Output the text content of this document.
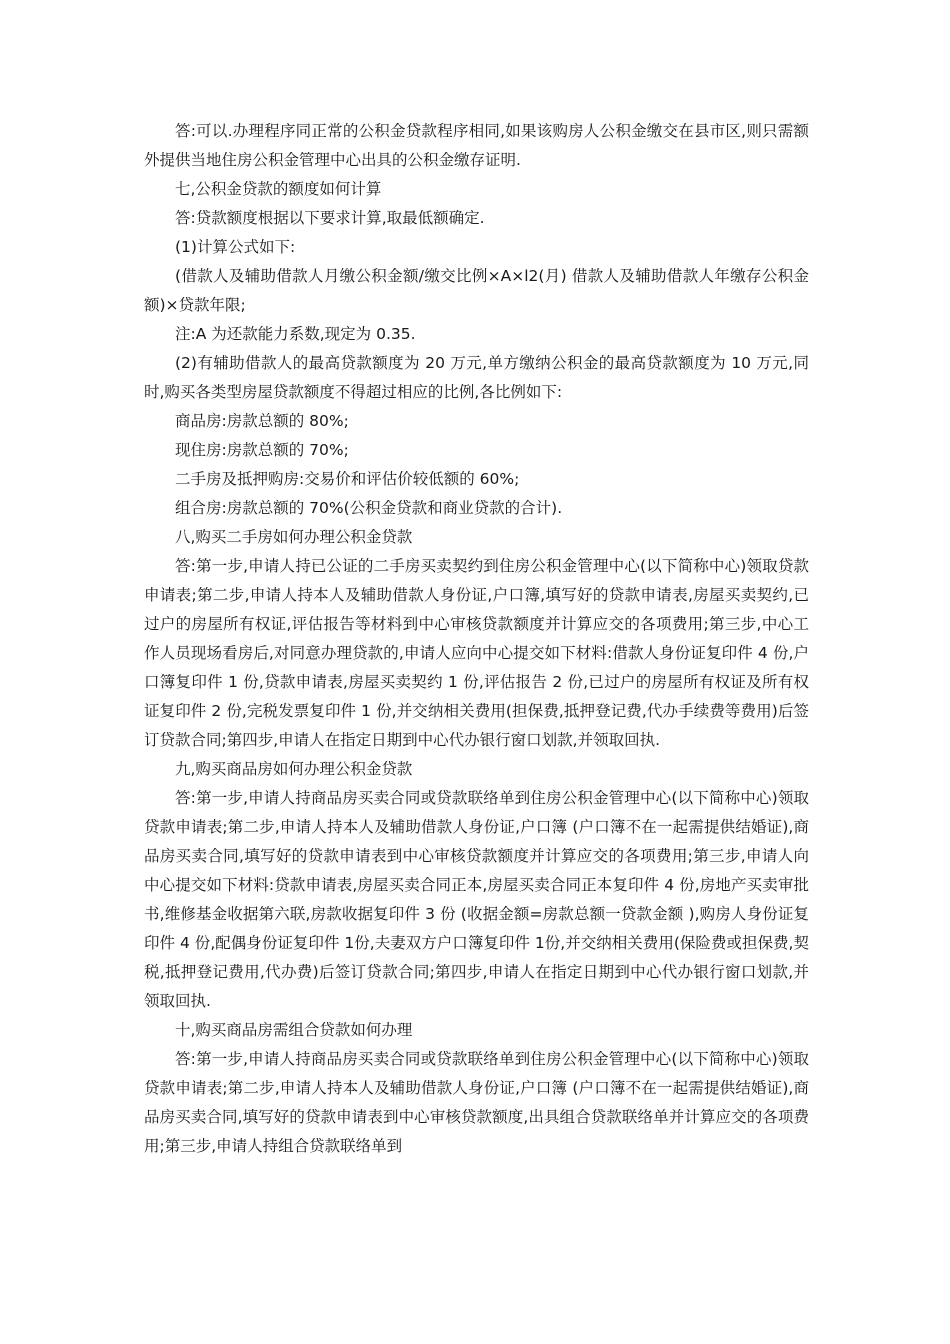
答:可以.办理程序同正常的公积金贷款程序相同,如果该购房人公积金缴交在县市区,则只需额外提供当地住房公积金管理中心出具的公积金缴存证明.

七,公积金贷款的额度如何计算

答:贷款额度根据以下要求计算,取最低额确定.

(1)计算公式如下:

(借款人及辅助借款人月缴公积金额/缴交比例×A×l2(月) 借款人及辅助借款人年缴存公积金额)×贷款年限;

注:A 为还款能力系数,现定为 0.35.

(2)有辅助借款人的最高贷款额度为 20 万元,单方缴纳公积金的最高贷款额度为 10 万元,同时,购买各类型房屋贷款额度不得超过相应的比例,各比例如下:

商品房:房款总额的 80%;

现住房:房款总额的 70%;

二手房及抵押购房:交易价和评估价较低额的 60%;

组合房:房款总额的 70%(公积金贷款和商业贷款的合计).

八,购买二手房如何办理公积金贷款

答:第一步,申请人持已公证的二手房买卖契约到住房公积金管理中心(以下简称中心)领取贷款申请表;第二步,申请人持本人及辅助借款人身份证,户口簿,填写好的贷款申请表,房屋买卖契约,已过户的房屋所有权证,评估报告等材料到中心审核贷款额度并计算应交的各项费用;第三步,中心工作人员现场看房后,对同意办理贷款的,申请人应向中心提交如下材料:借款人身份证复印件 4 份,户口簿复印件 1 份,贷款申请表,房屋买卖契约 1 份,评估报告 2 份,已过户的房屋所有权证及所有权证复印件 2 份,完税发票复印件 1 份,并交纳相关费用(担保费,抵押登记费,代办手续费等费用)后签订贷款合同;第四步,申请人在指定日期到中心代办银行窗口划款,并领取回执.

九,购买商品房如何办理公积金贷款

答:第一步,申请人持商品房买卖合同或贷款联络单到住房公积金管理中心(以下简称中心)领取贷款申请表;第二步,申请人持本人及辅助借款人身份证,户口簿 (户口簿不在一起需提供结婚证),商品房买卖合同,填写好的贷款申请表到中心审核贷款额度并计算应交的各项费用;第三步,申请人向中心提交如下材料:贷款申请表,房屋买卖合同正本,房屋买卖合同正本复印件 4 份,房地产买卖审批书,维修基金收据第六联,房款收据复印件 3 份 (收据金额=房款总额一贷款金额 ),购房人身份证复印件 4 份,配偶身份证复印件 1份,夫妻双方户口簿复印件 1份,并交纳相关费用(保险费或担保费,契税,抵押登记费用,代办费)后签订贷款合同;第四步,申请人在指定日期到中心代办银行窗口划款,并领取回执.

十,购买商品房需组合贷款如何办理

答:第一步,申请人持商品房买卖合同或贷款联络单到住房公积金管理中心(以下简称中心)领取贷款申请表;第二步,申请人持本人及辅助借款人身份证,户口簿 (户口簿不在一起需提供结婚证),商品房买卖合同,填写好的贷款申请表到中心审核贷款额度,出具组合贷款联络单并计算应交的各项费用;第三步,申请人持组合贷款联络单到
